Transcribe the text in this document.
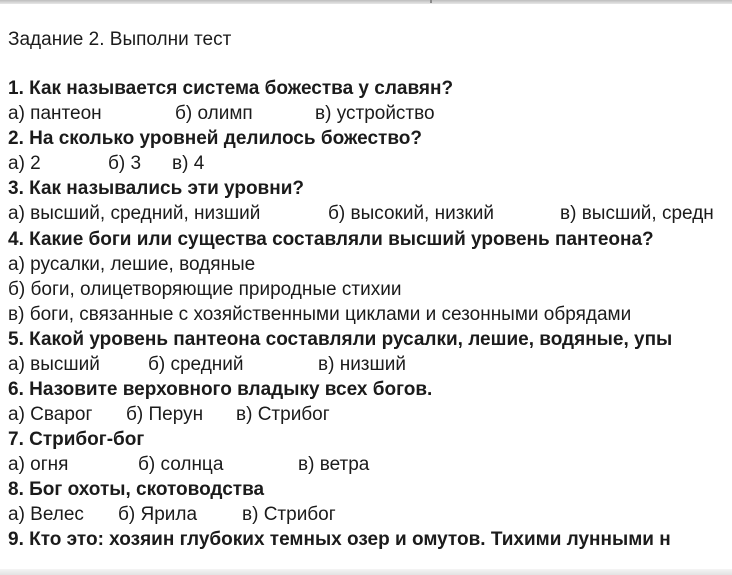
Задание 2. Выполни тест
1. Как называется система божества у славян?
а) пантеон	б) олимп	в) устройство
2. На сколько уровней делилось божество?
а) 2	б) 3 в) 4
3. Как назывались эти уровни?
а) высший, средний, низший	б) высокий, низкий	в) высший, средн
4. Какие боги или существа составляли высший уровень пантеона?
а) русалки, лешие, водяные
б) боги, олицетворяющие природные стихии
в) боги, связанные с хозяйственными циклами и сезонными обрядами
5. Какой уровень пантеона составляли русалки, лешие, водяные, упы
а) высший	б) средний	в) низший
6. Назовите верховного владыку всех богов.
а) Сварог б) Перун в) Стрибог
7. Стрибог-бог
а) огня	б) солнца	в) ветра
8. Бог охоты, скотоводства
а) Велес б) Ярила в) Стрибог
9. Кто это: хозяин глубоких темных озер и омутов. Тихими лунными н
